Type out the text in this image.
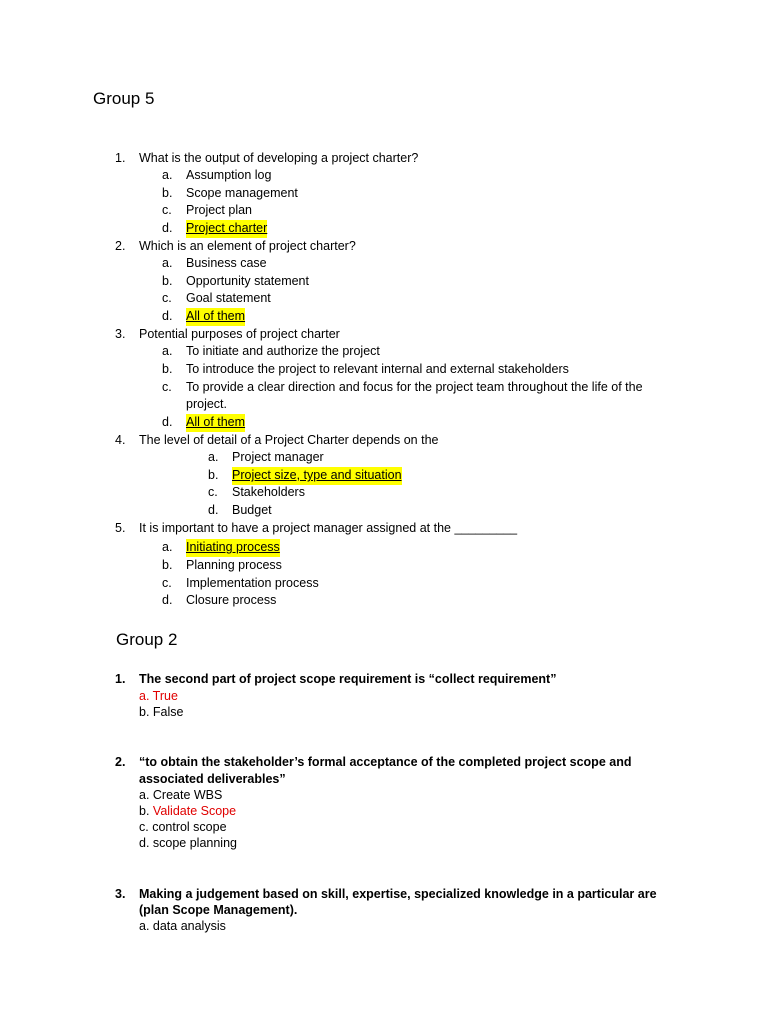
Group 5
1.	What is the output of developing a project charter?
a.	Assumption log
b.	Scope management
c.	Project plan
d.	Project charter
2.	Which is an element of project charter?
a.	Business case
b.	Opportunity statement
c.	Goal statement
d.	All of them
3.	Potential purposes of project charter
a.	To initiate and authorize the project
b.	To introduce the project to relevant internal and external stakeholders
c.	To provide a clear direction and focus for the project team throughout the life of the
project.
d.	All of them
4.	The level of detail of a Project Charter depends on the
a.	Project manager
b.	Project size, type and situation
c.	Stakeholders
d.	Budget
5.	It is important to have a project manager assigned at the _________
a.	Initiating process
b.	Planning process
c.	Implementation process
d.	Closure process
Group 2
1.	The second part of project scope requirement is “collect requirement”
a. True
b. False
2.	“to obtain the stakeholder’s formal acceptance of the completed project scope and
associated deliverables”
a. Create WBS
b. Validate Scope
c. control scope
d. scope planning
3.	Making a judgement based on skill, expertise, specialized knowledge in a particular are
(plan Scope Management).
a. data analysis
